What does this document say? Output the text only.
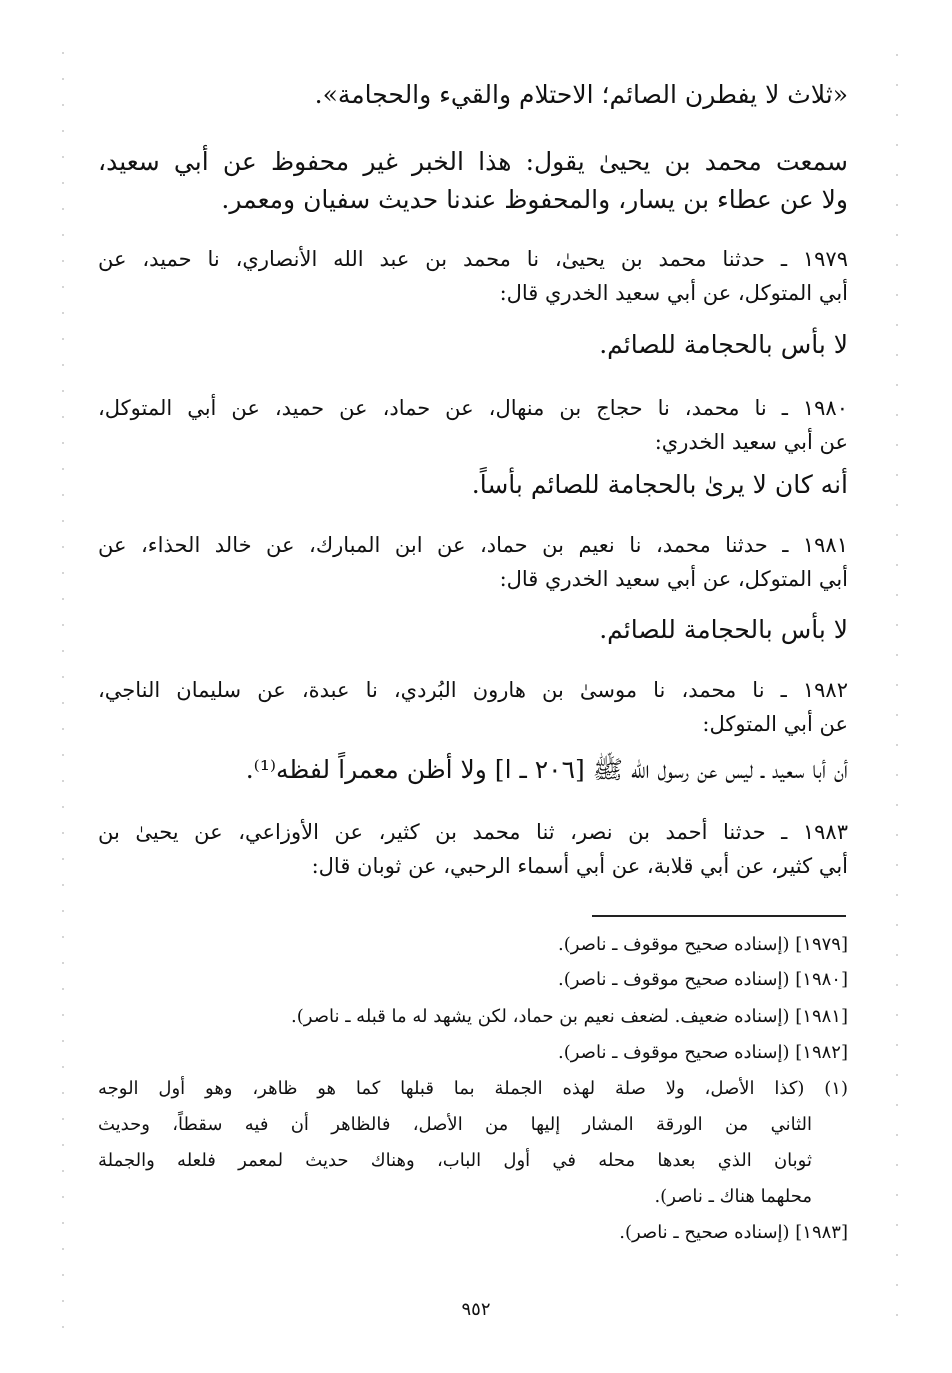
«ثلاث لا يفطرن الصائم؛ الاحتلام والقيء والحجامة».
سمعت محمد بن يحيىٰ يقول: هذا الخبر غير محفوظ عن أبي سعيد،
ولا عن عطاء بن يسار، والمحفوظ عندنا حديث سفيان ومعمر.
١٩٧٩ ـ حدثنا محمد بن يحيىٰ، نا محمد بن عبد الله الأنصاري، نا حميد، عن
أبي المتوكل، عن أبي سعيد الخدري قال:
لا بأس بالحجامة للصائم.
١٩٨٠ ـ نا محمد، نا حجاج بن منهال، عن حماد، عن حميد، عن أبي المتوكل،
عن أبي سعيد الخدري:
أنه كان لا يرىٰ بالحجامة للصائم بأساً.
١٩٨١ ـ حدثنا محمد، نا نعيم بن حماد، عن ابن المبارك، عن خالد الحذاء، عن
أبي المتوكل، عن أبي سعيد الخدري قال:
لا بأس بالحجامة للصائم.
١٩٨٢ ـ نا محمد، نا موسىٰ بن هارون البُردي، نا عبدة، عن سليمان الناجي،
عن أبي المتوكل:
أن أبا سعيد ـ ليس عن رسول الله ﷺ [٢٠٦ ـ ا] ولا أظن معمراً لفظه⁽¹⁾.
١٩٨٣ ـ حدثنا أحمد بن نصر، ثنا محمد بن كثير، عن الأوزاعي، عن يحيىٰ بن
أبي كثير، عن أبي قلابة، عن أبي أسماء الرحبي، عن ثوبان قال:
[١٩٧٩] (إسناده صحيح موقوف ـ ناصر).
[١٩٨٠] (إسناده صحيح موقوف ـ ناصر).
[١٩٨١] (إسناده ضعيف. لضعف نعيم بن حماد، لكن يشهد له ما قبله ـ ناصر).
[١٩٨٢] (إسناده صحيح موقوف ـ ناصر).
(١) (كذا الأصل، ولا صلة لهذه الجملة بما قبلها كما هو ظاهر، وهو أول الوجه
الثاني من الورقة المشار إليها من الأصل، فالظاهر أن فيه سقطاً، وحديث
ثوبان الذي بعدها محله في أول الباب، وهناك حديث لمعمر فلعله والجملة
محلهما هناك ـ ناصر).
[١٩٨٣] (إسناده صحيح ـ ناصر).
٩٥٢
